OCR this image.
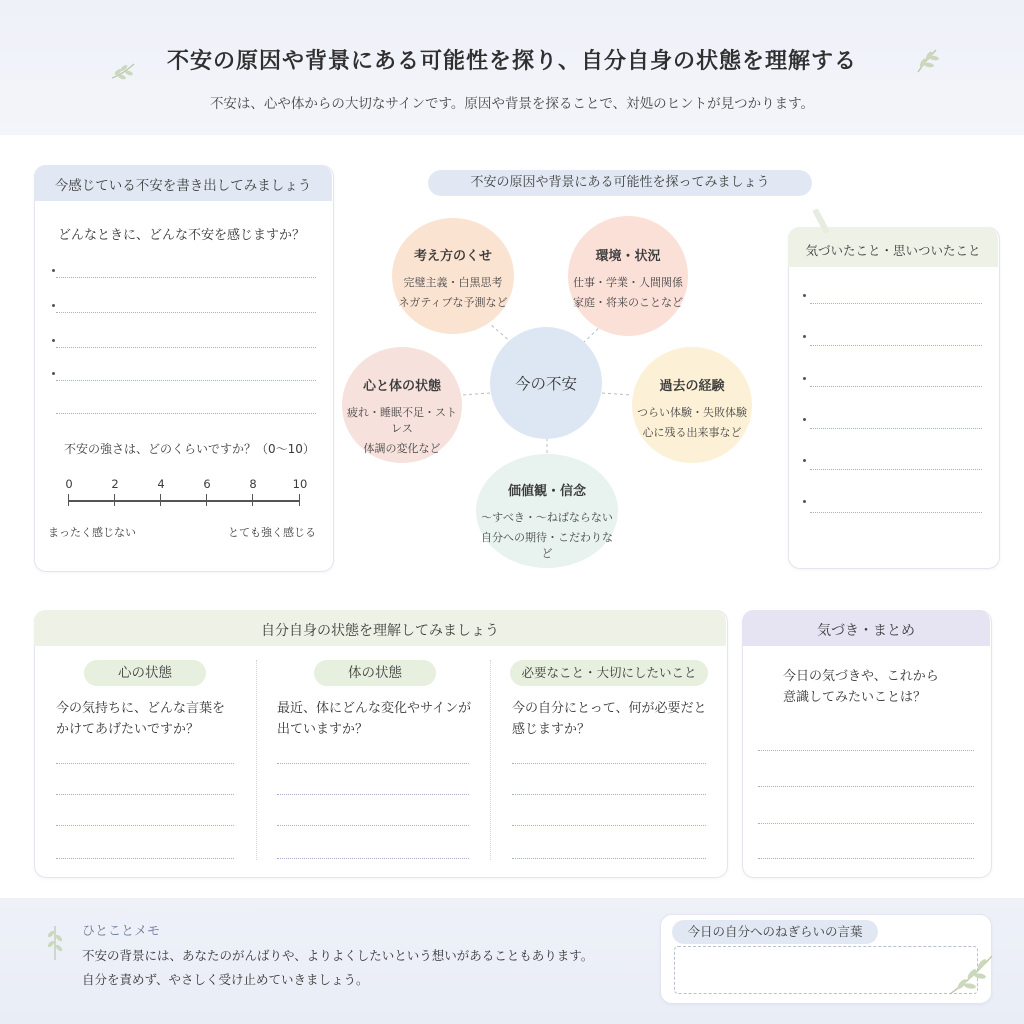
不安の原因や背景にある可能性を探り、自分自身の状態を理解する
不安は、心や体からの大切なサインです。原因や背景を探ることで、対処のヒントが見つかります。
今感じている不安を書き出してみましょう
どんなときに、どんな不安を感じますか？
不安の強さは、どのくらいですか？（0〜10）
0	2	4	6	8	10
まったく感じない	とても強く感じる
不安の原因や背景にある可能性を探ってみましょう
考え方のくせ
完璧主義・白黒思考
ネガティブな予測など
環境・状況
仕事・学業・人間関係
家庭・将来のことなど
心と体の状態
疲れ・睡眠不足・ストレス
体調の変化など
今の不安	過去の経験
つらい体験・失敗体験
心に残る出来事など
価値観・信念
〜すべき・〜ねばならない
自分への期待・こだわりなど
気づいたこと・思いついたこと
自分自身の状態を理解してみましょう
心の状態
今の気持ちに、どんな言葉を
かけてあげたいですか？
体の状態
最近、体にどんな変化やサインが
出ていますか？
必要なこと・大切にしたいこと
今の自分にとって、何が必要だと
感じますか？
気づき・まとめ
今日の気づきや、これから
意識してみたいことは？
ひとことメモ
不安の背景には、あなたのがんばりや、よりよくしたいという想いがあることもあります。
自分を責めず、やさしく受け止めていきましょう。
今日の自分へのねぎらいの言葉
